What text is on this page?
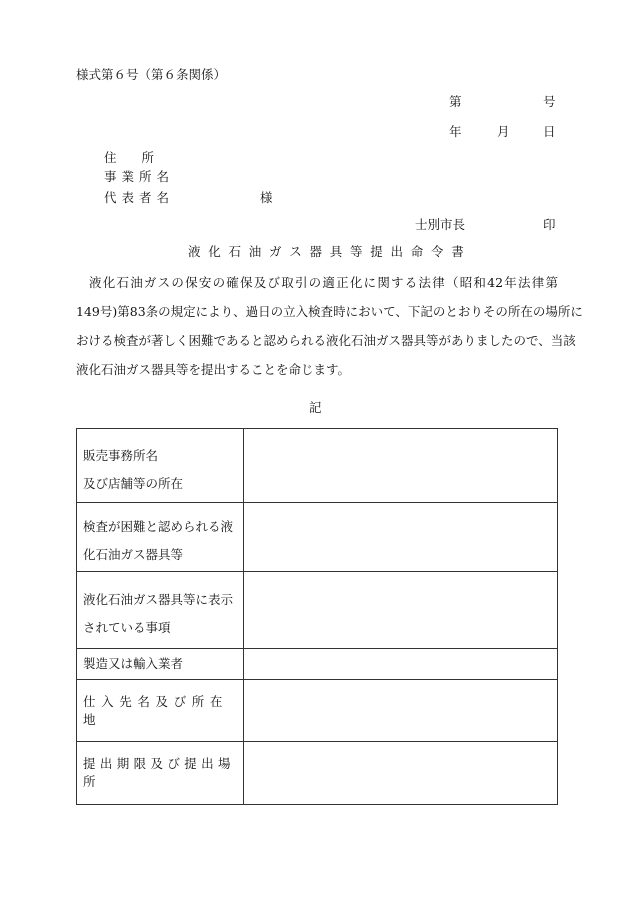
様式第６号（第６条関係）
第	号
年	月	日
住　　所
事業所名
代表者名	様
士別市長	印
液化石油ガス器具等提出命令書
液化石油ガスの保安の確保及び取引の適正化に関する法律（昭和42年法律第
149号)第83条の規定により、過日の立入検査時において、下記のとおりその所在の場所に
おける検査が著しく困難であると認められる液化石油ガス器具等がありましたので、当該
液化石油ガス器具等を提出することを命じます。
記
販売事務所名
及び店舗等の所在	

検査が困難と認められる液
化石油ガス器具等	

液化石油ガス器具等に表示
されている事項	

製造又は輸入業者	

仕入先名及び所在地	

提出期限及び提出場所	
